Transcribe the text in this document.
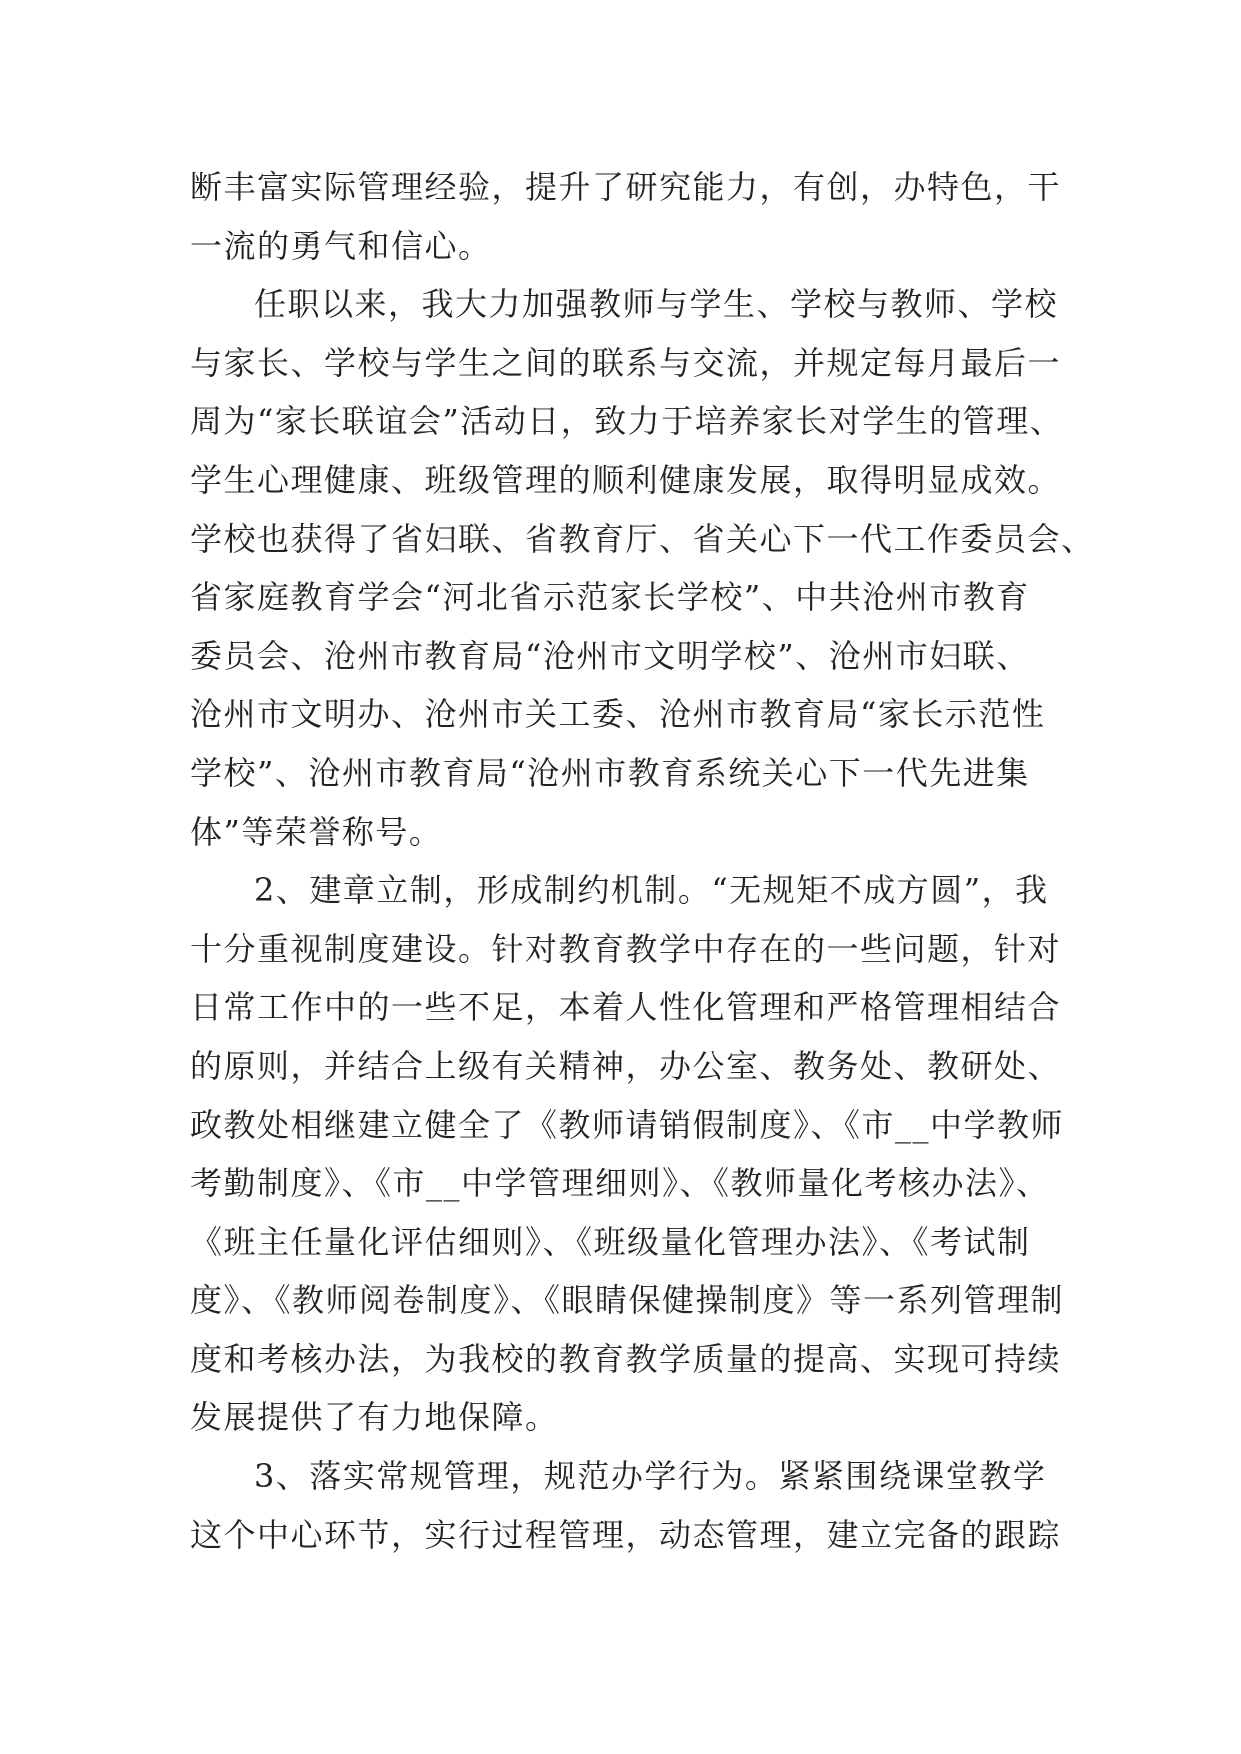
断丰富实际管理经验，提升了研究能力，有创，办特色，干
一流的勇气和信心。
任职以来，我大力加强教师与学生、学校与教师、学校
与家长、学校与学生之间的联系与交流，并规定每月最后一
周为“家长联谊会”活动日，致力于培养家长对学生的管理、
学生心理健康、班级管理的顺利健康发展，取得明显成效。
学校也获得了省妇联、省教育厅、省关心下一代工作委员会、
省家庭教育学会“河北省示范家长学校”、中共沧州市教育
委员会、沧州市教育局“沧州市文明学校”、沧州市妇联、
沧州市文明办、沧州市关工委、沧州市教育局“家长示范性
学校”、沧州市教育局“沧州市教育系统关心下一代先进集
体”等荣誉称号。
2、建章立制，形成制约机制。“无规矩不成方圆”，我
十分重视制度建设。针对教育教学中存在的一些问题，针对
日常工作中的一些不足，本着人性化管理和严格管理相结合
的原则，并结合上级有关精神，办公室、教务处、教研处、
政教处相继建立健全了《教师请销假制度》、《市__中学教师
考勤制度》、《市__中学管理细则》、《教师量化考核办法》、
《班主任量化评估细则》、《班级量化管理办法》、《考试制
度》、《教师阅卷制度》、《眼睛保健操制度》等一系列管理制
度和考核办法，为我校的教育教学质量的提高、实现可持续
发展提供了有力地保障。
3、落实常规管理，规范办学行为。紧紧围绕课堂教学
这个中心环节，实行过程管理，动态管理，建立完备的跟踪
